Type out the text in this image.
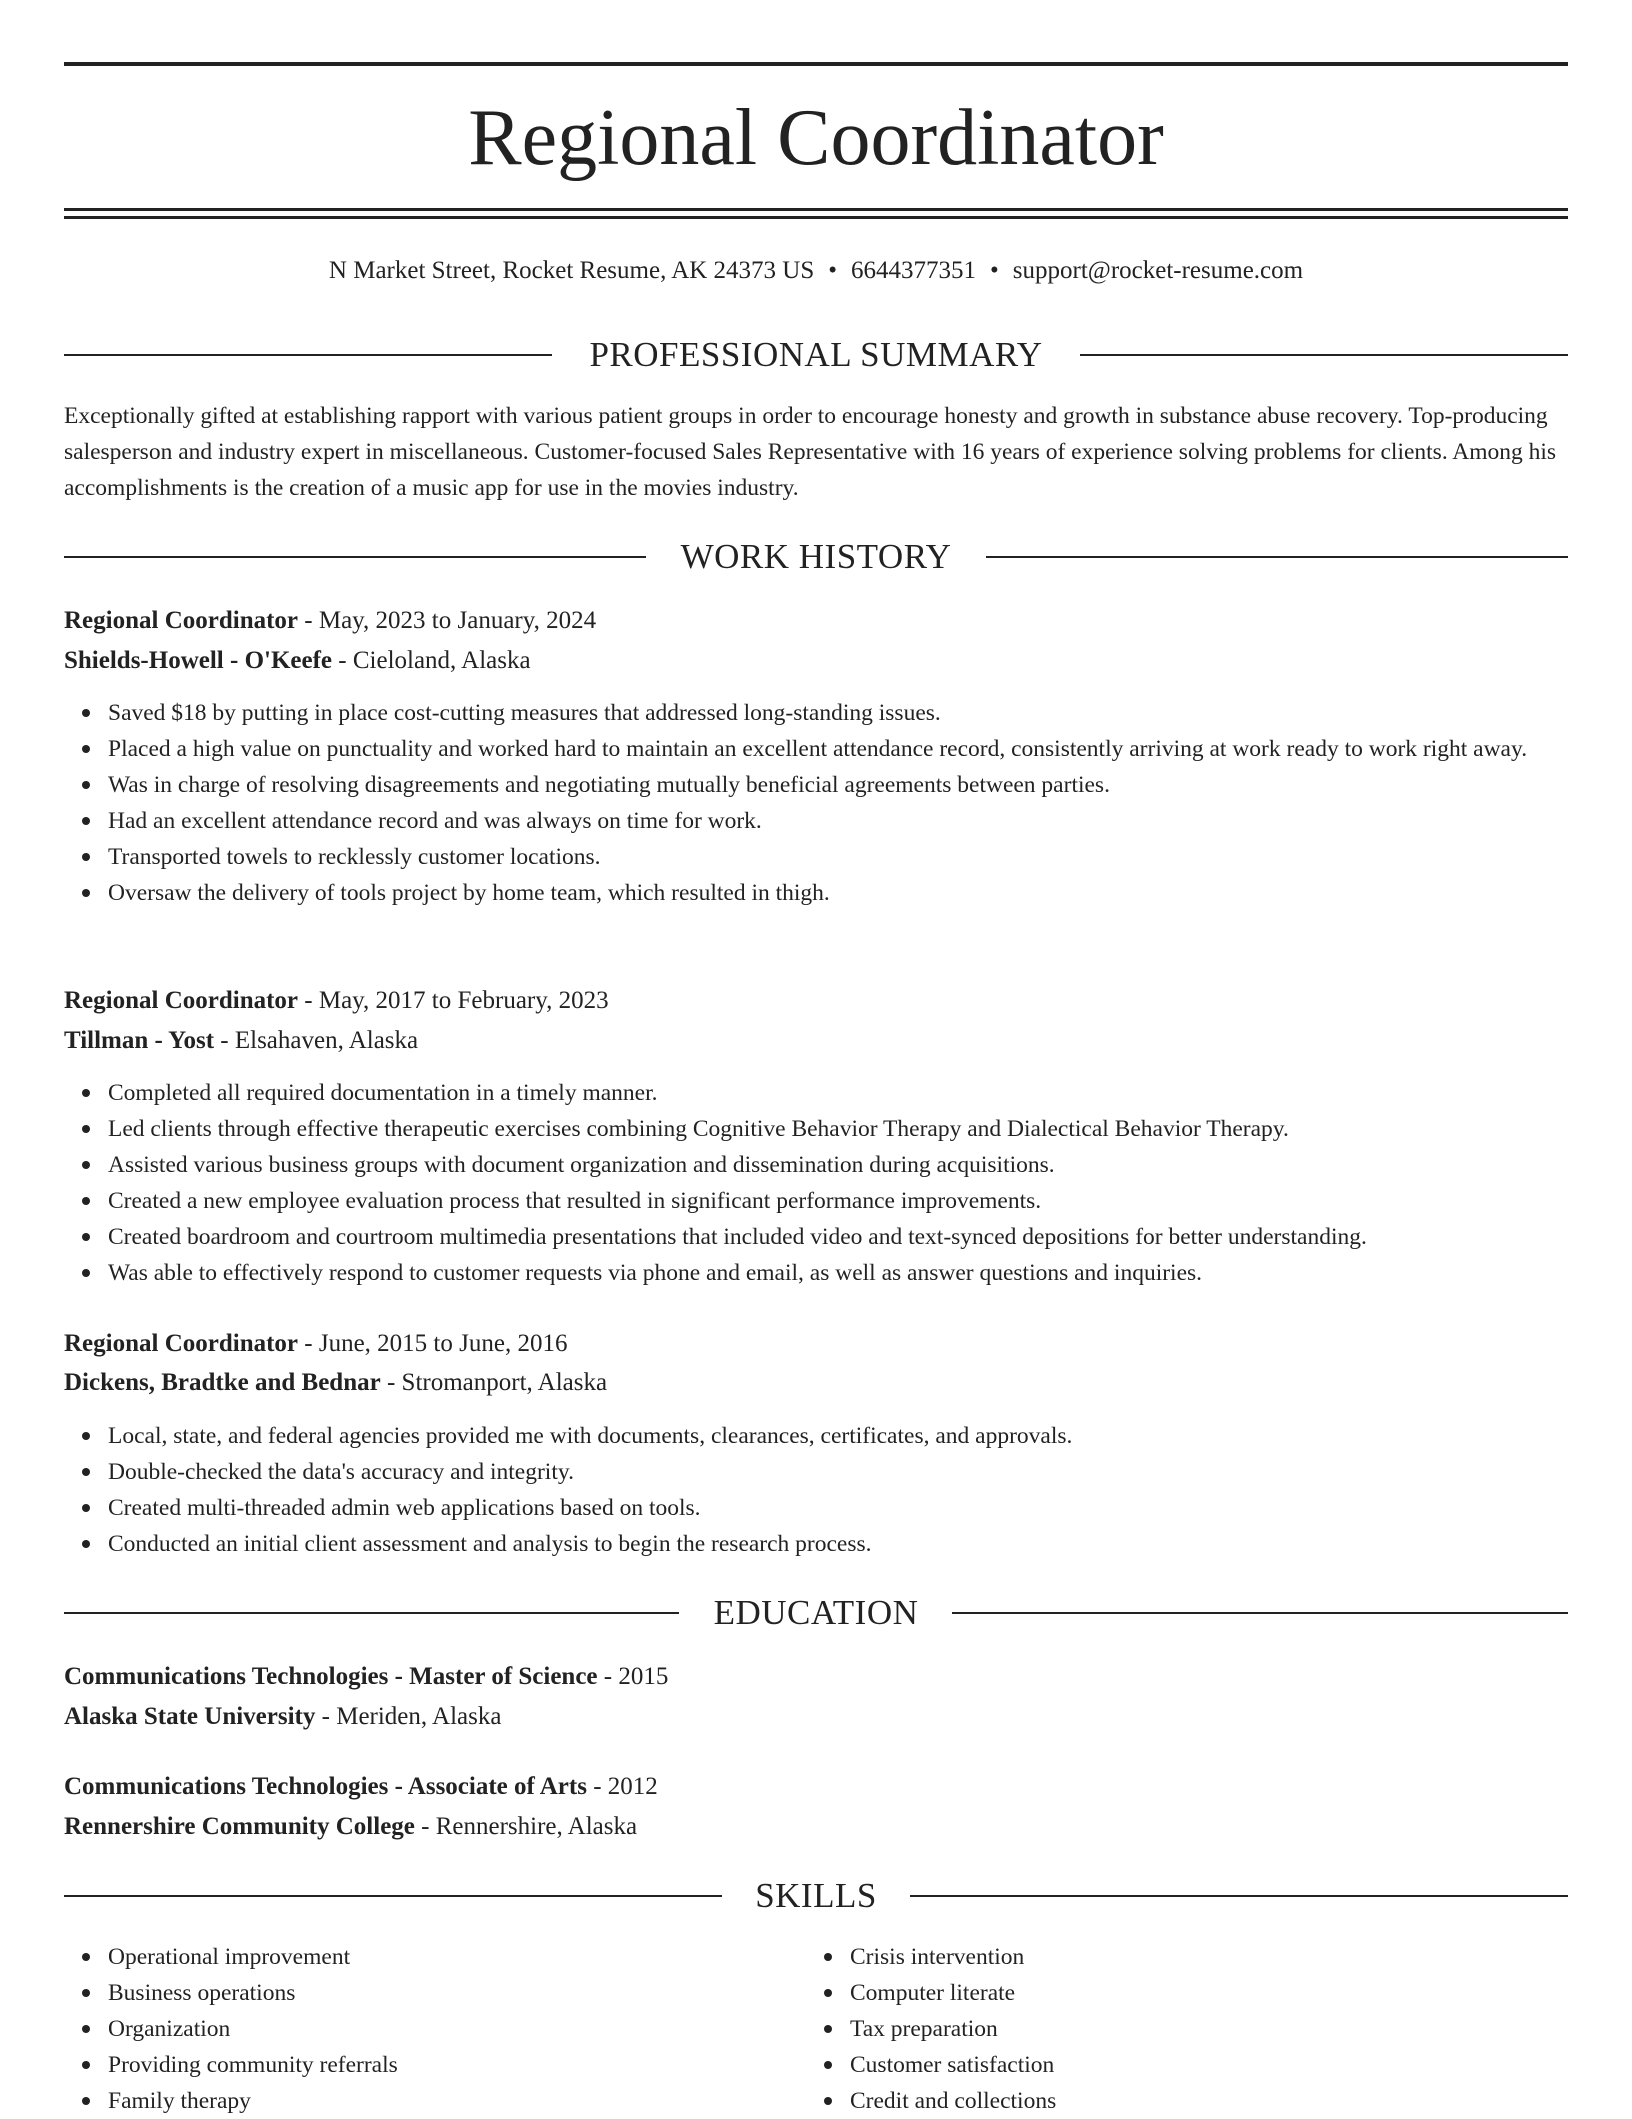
Regional Coordinator
N Market Street, Rocket Resume, AK 24373 US • 6644377351 • support@rocket-resume.com
PROFESSIONAL SUMMARY

Exceptionally gifted at establishing rapport with various patient groups in order to encourage honesty and growth in substance abuse recovery. Top-producing salesperson and industry expert in miscellaneous. Customer-focused Sales Representative with 16 years of experience solving problems for clients. Among his accomplishments is the creation of a music app for use in the movies industry.

WORK HISTORY
Regional Coordinator - May, 2023 to January, 2024
Shields-Howell - O'Keefe - Cieloland, Alaska
Saved $18 by putting in place cost-cutting measures that addressed long-standing issues.
Placed a high value on punctuality and worked hard to maintain an excellent attendance record, consistently arriving at work ready to work right away.
Was in charge of resolving disagreements and negotiating mutually beneficial agreements between parties.
Had an excellent attendance record and was always on time for work.
Transported towels to recklessly customer locations.
Oversaw the delivery of tools project by home team, which resulted in thigh.
Regional Coordinator - May, 2017 to February, 2023
Tillman - Yost - Elsahaven, Alaska
Completed all required documentation in a timely manner.
Led clients through effective therapeutic exercises combining Cognitive Behavior Therapy and Dialectical Behavior Therapy.
Assisted various business groups with document organization and dissemination during acquisitions.
Created a new employee evaluation process that resulted in significant performance improvements.
Created boardroom and courtroom multimedia presentations that included video and text-synced depositions for better understanding.
Was able to effectively respond to customer requests via phone and email, as well as answer questions and inquiries.
Regional Coordinator - June, 2015 to June, 2016
Dickens, Bradtke and Bednar - Stromanport, Alaska
Local, state, and federal agencies provided me with documents, clearances, certificates, and approvals.
Double-checked the data's accuracy and integrity.
Created multi-threaded admin web applications based on tools.
Conducted an initial client assessment and analysis to begin the research process.
EDUCATION
Communications Technologies - Master of Science - 2015
Alaska State University - Meriden, Alaska
Communications Technologies - Associate of Arts - 2012
Rennershire Community College - Rennershire, Alaska
SKILLS
Operational improvement
Business operations
Organization
Providing community referrals
Family therapy
Crisis intervention
Computer literate
Tax preparation
Customer satisfaction
Credit and collections
